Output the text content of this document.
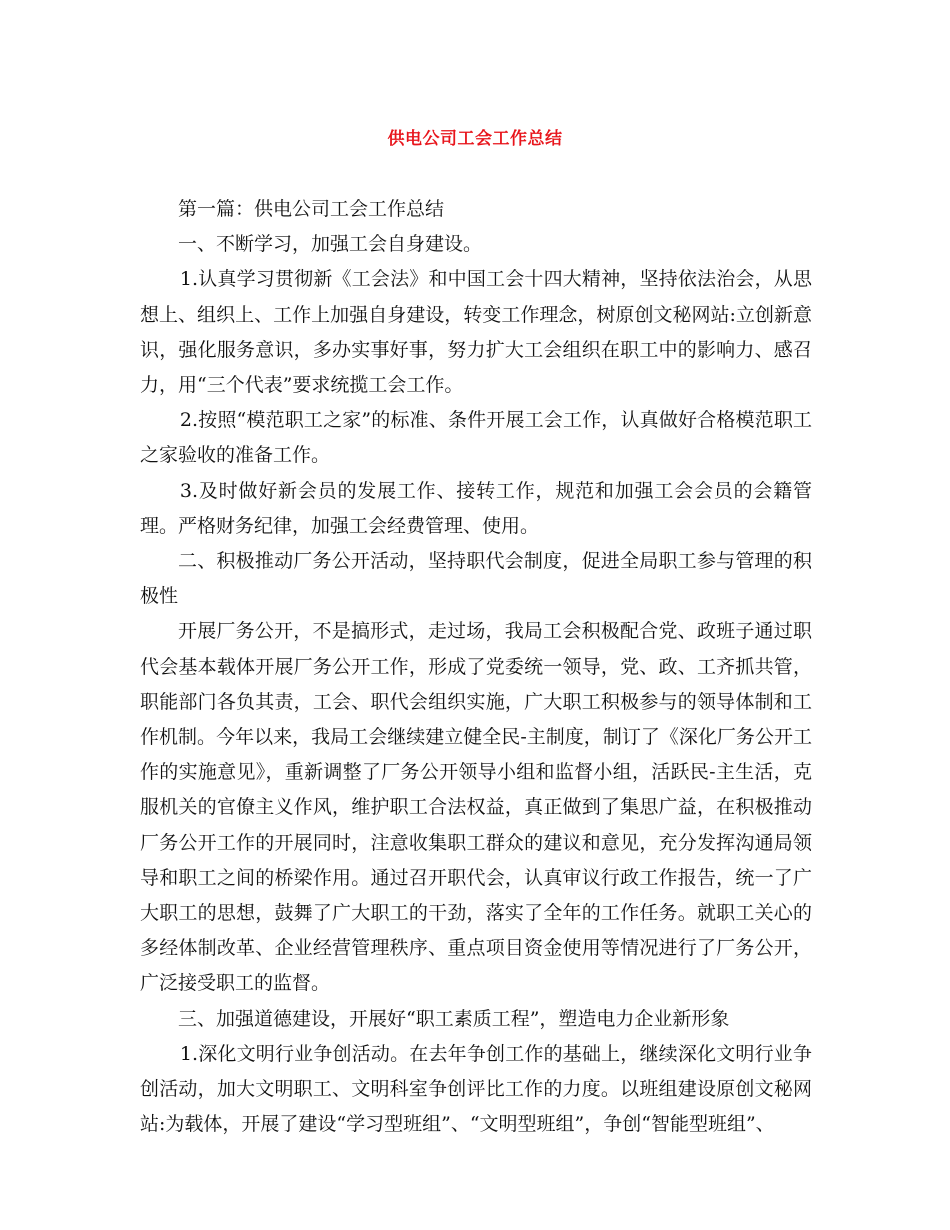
供电公司工会工作总结

第一篇：供电公司工会工作总结

一、不断学习，加强工会自身建设。

1.认真学习贯彻新《工会法》和中国工会十四大精神，坚持依法治会，从思想上、组织上、工作上加强自身建设，转变工作理念，树原创文秘网站:立创新意识，强化服务意识，多办实事好事，努力扩大工会组织在职工中的影响力、感召力，用“三个代表”要求统揽工会工作。

2.按照“模范职工之家”的标准、条件开展工会工作，认真做好合格模范职工之家验收的准备工作。

3.及时做好新会员的发展工作、接转工作，规范和加强工会会员的会籍管理。严格财务纪律，加强工会经费管理、使用。

二、积极推动厂务公开活动，坚持职代会制度，促进全局职工参与管理的积极性

开展厂务公开，不是搞形式，走过场，我局工会积极配合党、政班子通过职代会基本载体开展厂务公开工作，形成了党委统一领导，党、政、工齐抓共管，职能部门各负其责，工会、职代会组织实施，广大职工积极参与的领导体制和工作机制。今年以来，我局工会继续建立健全民-主制度，制订了《深化厂务公开工作的实施意见》，重新调整了厂务公开领导小组和监督小组，活跃民-主生活，克服机关的官僚主义作风，维护职工合法权益，真正做到了集思广益，在积极推动厂务公开工作的开展同时，注意收集职工群众的建议和意见，充分发挥沟通局领导和职工之间的桥梁作用。通过召开职代会，认真审议行政工作报告，统一了广大职工的思想，鼓舞了广大职工的干劲，落实了全年的工作任务。就职工关心的多经体制改革、企业经营管理秩序、重点项目资金使用等情况进行了厂务公开，广泛接受职工的监督。

三、加强道德建设，开展好“职工素质工程”，塑造电力企业新形象

1.深化文明行业争创活动。在去年争创工作的基础上，继续深化文明行业争创活动，加大文明职工、文明科室争创评比工作的力度。以班组建设原创文秘网站:为载体，开展了建设“学习型班组”、“文明型班组”，争创“智能型班组”、
